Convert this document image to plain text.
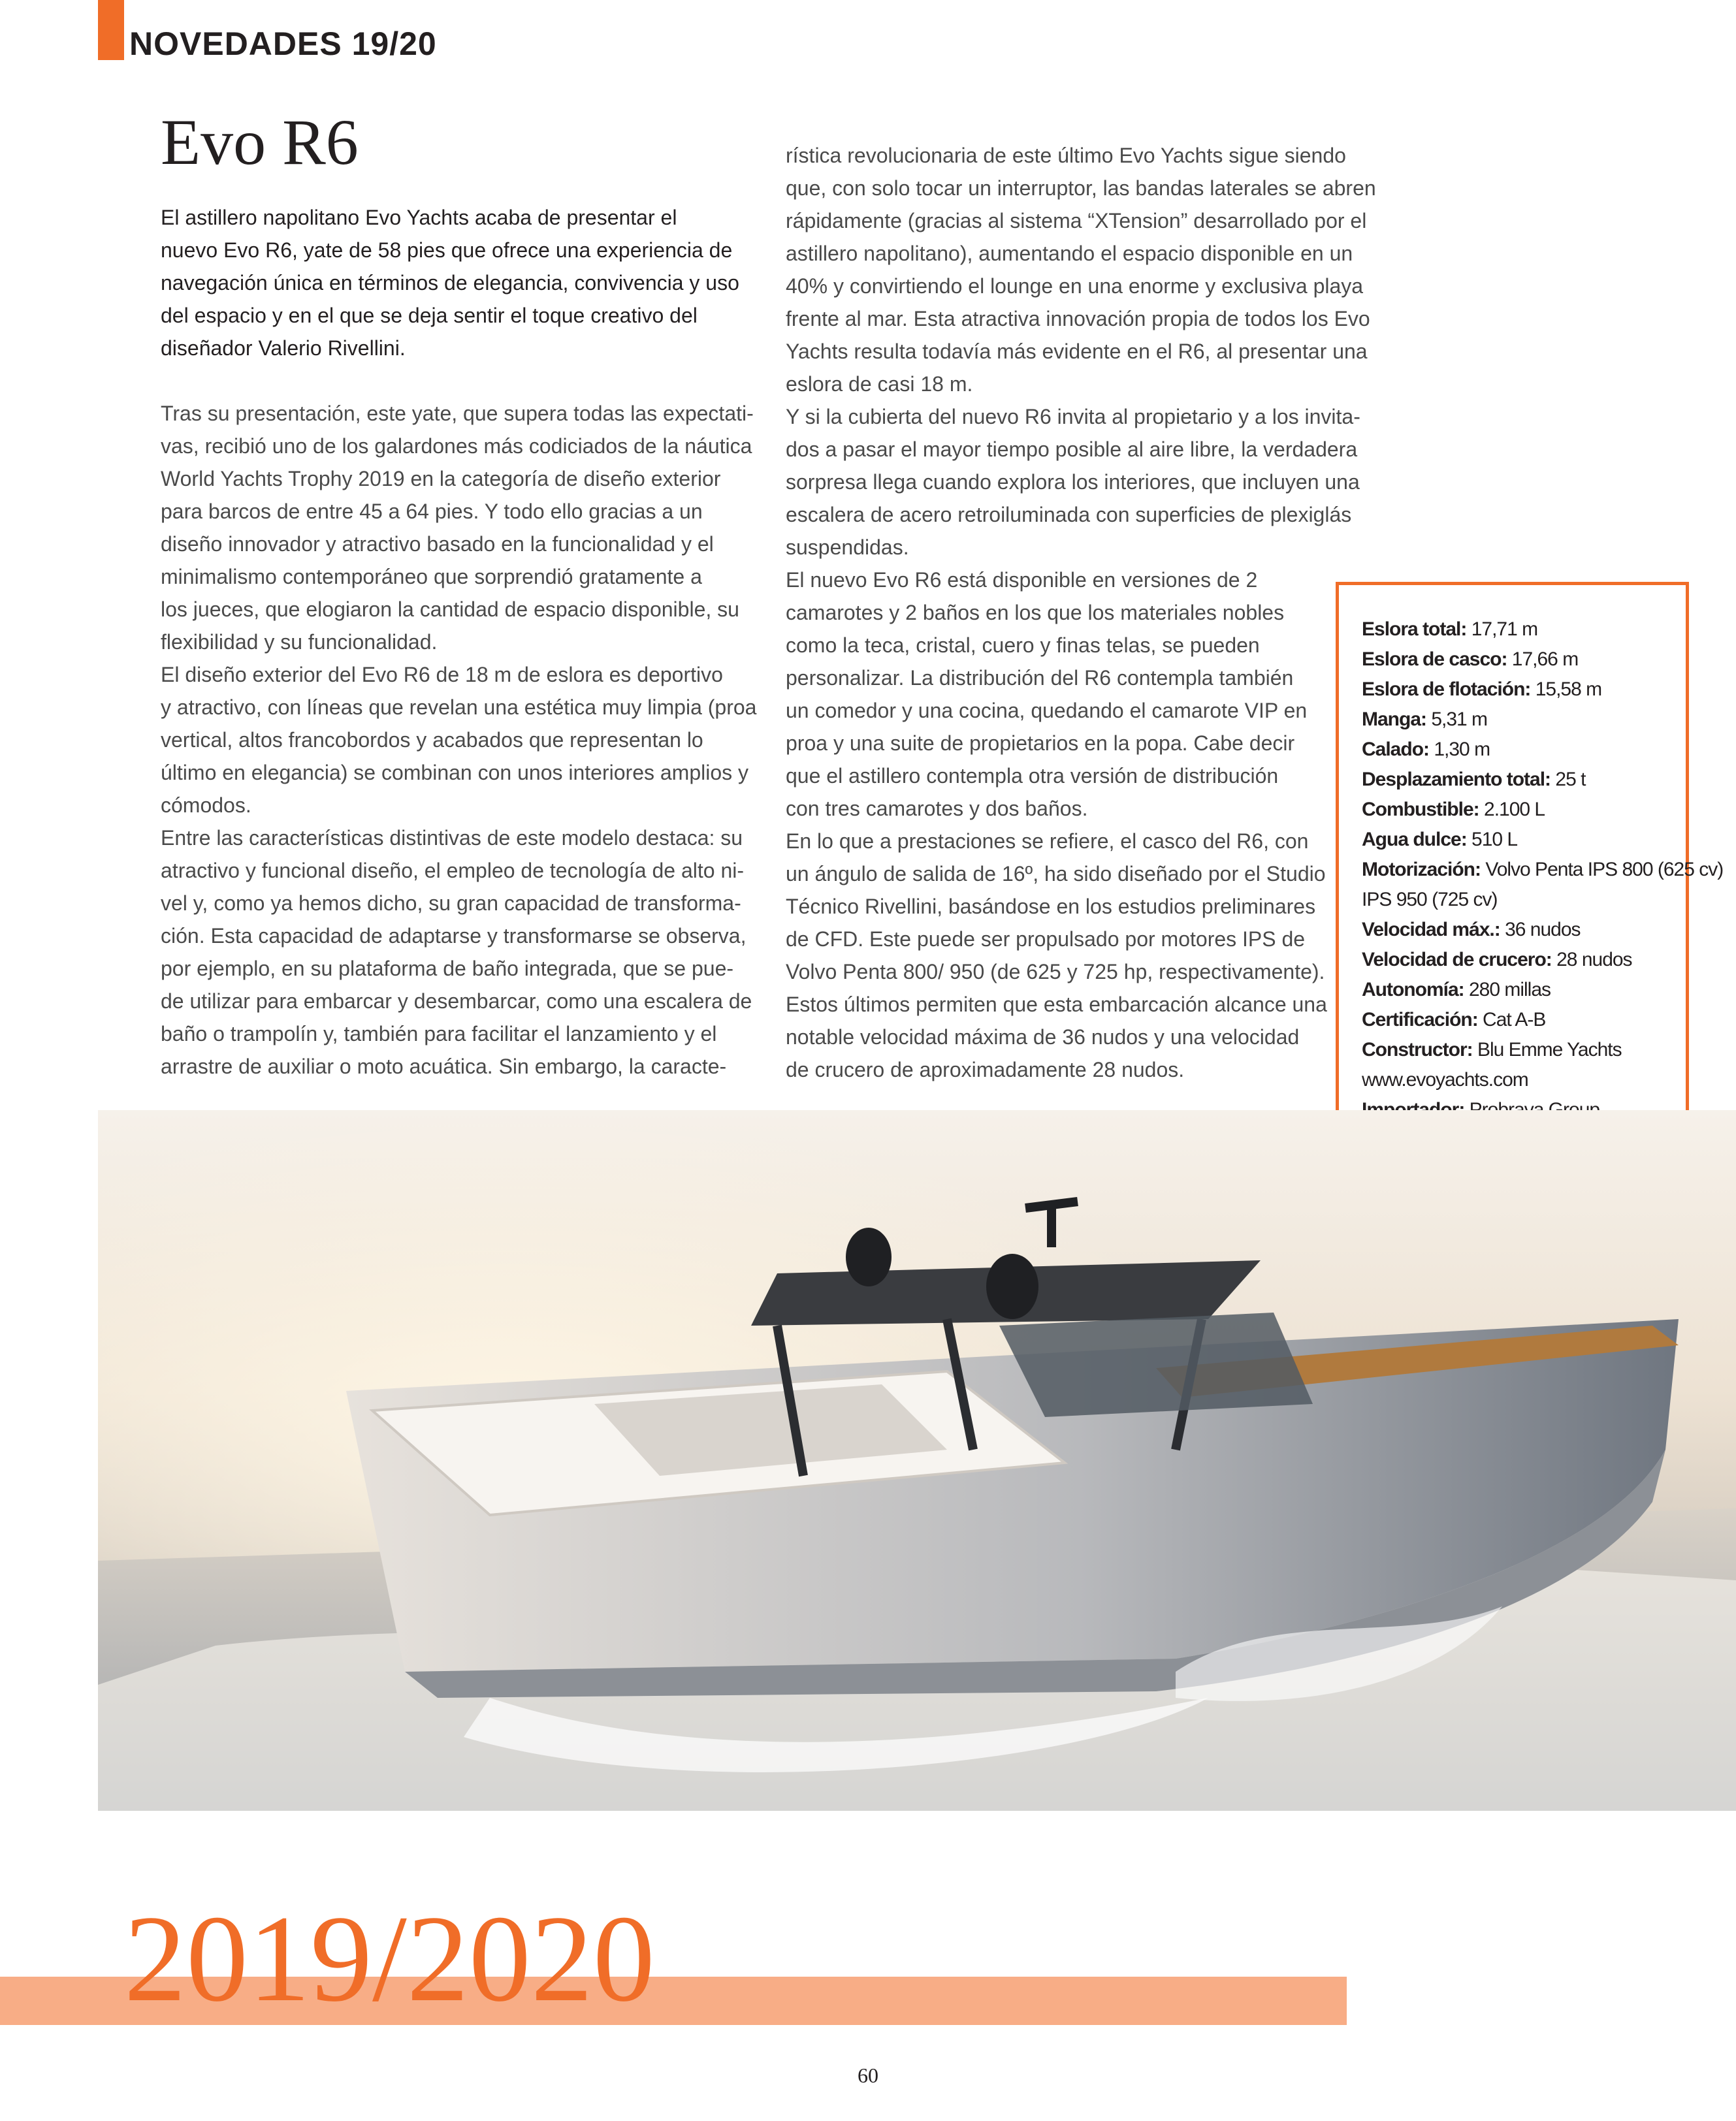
NOVEDADES 19/20
Evo R6
El astillero napolitano Evo Yachts acaba de presentar el
nuevo Evo R6, yate de 58 pies que ofrece una experiencia de
navegación única en términos de elegancia, convivencia y uso
del espacio y en el que se deja sentir el toque creativo del
diseñador Valerio Rivellini.
Tras su presentación, este yate, que supera todas las expectati-
vas, recibió uno de los galardones más codiciados de la náutica
World Yachts Trophy 2019 en la categoría de diseño exterior
para barcos de entre 45 a 64 pies. Y todo ello gracias a un
diseño innovador y atractivo basado en la funcionalidad y el
minimalismo contemporáneo que sorprendió gratamente a
los jueces, que elogiaron la cantidad de espacio disponible, su
flexibilidad y su funcionalidad.
El diseño exterior del Evo R6 de 18 m de eslora es deportivo
y atractivo, con líneas que revelan una estética muy limpia (proa
vertical, altos francobordos y acabados que representan lo
último en elegancia) se combinan con unos interiores amplios y
cómodos.
Entre las características distintivas de este modelo destaca: su
atractivo y funcional diseño, el empleo de tecnología de alto ni-
vel y, como ya hemos dicho, su gran capacidad de transforma-
ción. Esta capacidad de adaptarse y transformarse se observa,
por ejemplo, en su plataforma de baño integrada, que se pue-
de utilizar para embarcar y desembarcar, como una escalera de
baño o trampolín y, también para facilitar el lanzamiento y el
arrastre de auxiliar o moto acuática. Sin embargo, la caracte-
rística revolucionaria de este último Evo Yachts sigue siendo
que, con solo tocar un interruptor, las bandas laterales se abren
rápidamente (gracias al sistema “XTension” desarrollado por el
astillero napolitano), aumentando el espacio disponible en un
40% y convirtiendo el lounge en una enorme y exclusiva playa
frente al mar. Esta atractiva innovación propia de todos los Evo
Yachts resulta todavía más evidente en el R6, al presentar una
eslora de casi 18 m.
Y si la cubierta del nuevo R6 invita al propietario y a los invita-
dos a pasar el mayor tiempo posible al aire libre, la verdadera
sorpresa llega cuando explora los interiores, que incluyen una
escalera de acero retroiluminada con superficies de plexiglás
suspendidas.
El nuevo Evo R6 está disponible en versiones de 2
camarotes y 2 baños en los que los materiales nobles
como la teca, cristal, cuero y finas telas, se pueden
personalizar. La distribución del R6 contempla también
un comedor y una cocina, quedando el camarote VIP en
proa y una suite de propietarios en la popa. Cabe decir
que el astillero contempla otra versión de distribución
con tres camarotes y dos baños.
En lo que a prestaciones se refiere, el casco del R6, con
un ángulo de salida de 16º, ha sido diseñado por el Studio
Técnico Rivellini, basándose en los estudios preliminares
de CFD. Este puede ser propulsado por motores IPS de
Volvo Penta 800/ 950 (de 625 y 725 hp, respectivamente).
Estos últimos permiten que esta embarcación alcance una
notable velocidad máxima de 36 nudos y una velocidad
de crucero de aproximadamente 28 nudos.
Eslora total: 17,71 m
Eslora de casco: 17,66 m
Eslora de flotación: 15,58 m
Manga: 5,31 m
Calado: 1,30 m
Desplazamiento total: 25 t
Combustible: 2.100 L
Agua dulce: 510 L
Motorización: Volvo Penta IPS 800 (625 cv)
IPS 950 (725 cv)
Velocidad máx.: 36 nudos
Velocidad de crucero: 28 nudos
Autonomía: 280 millas
Certificación: Cat A-B
Constructor: Blu Emme Yachts
www.evoyachts.com
2019/2020
60
